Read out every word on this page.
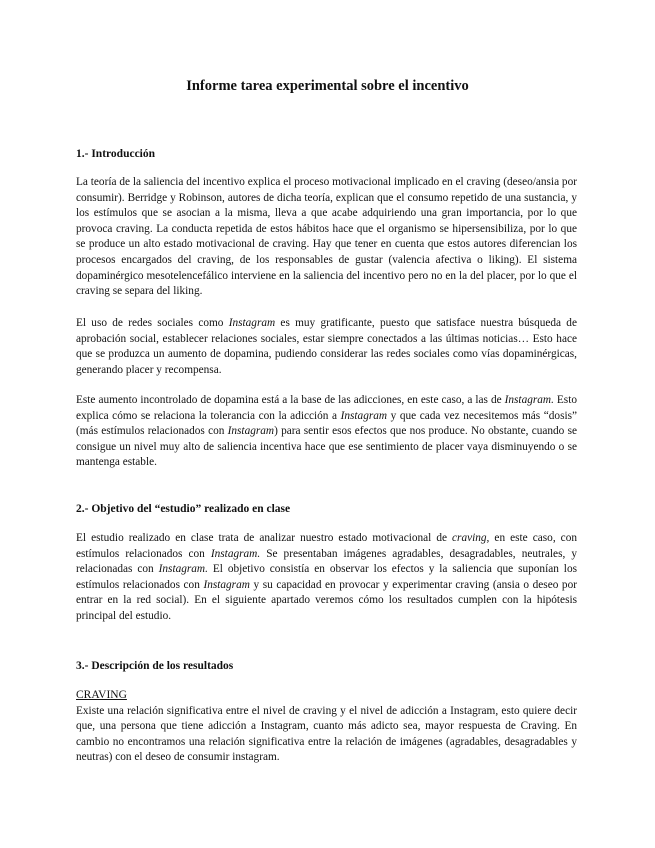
Informe tarea experimental sobre el incentivo
1.- Introducción

La teoría de la saliencia del incentivo explica el proceso motivacional implicado en el craving (deseo/ansia por consumir). Berridge y Robinson, autores de dicha teoría, explican que el consumo repetido de una sustancia, y los estímulos que se asocian a la misma, lleva a que acabe adquiriendo una gran importancia, por lo que provoca craving. La conducta repetida de estos hábitos hace que el organismo se hipersensibiliza, por lo que se produce un alto estado motivacional de craving. Hay que tener en cuenta que estos autores diferencian los procesos encargados del craving, de los responsables de gustar (valencia afectiva o liking). El sistema dopaminérgico mesotelencefálico interviene en la saliencia del incentivo pero no en la del placer, por lo que el craving se separa del liking.

El uso de redes sociales como Instagram es muy gratificante, puesto que satisface nuestra búsqueda de aprobación social, establecer relaciones sociales, estar siempre conectados a las últimas noticias… Esto hace que se produzca un aumento de dopamina, pudiendo considerar las redes sociales como vías dopaminérgicas, generando placer y recompensa.

Este aumento incontrolado de dopamina está a la base de las adicciones, en este caso, a las de Instagram. Esto explica cómo se relaciona la tolerancia con la adicción a Instagram y que cada vez necesitemos más “dosis” (más estímulos relacionados con Instagram) para sentir esos efectos que nos produce. No obstante, cuando se consigue un nivel muy alto de saliencia incentiva hace que ese sentimiento de placer vaya disminuyendo o se mantenga estable.

2.- Objetivo del “estudio” realizado en clase

El estudio realizado en clase trata de analizar nuestro estado motivacional de craving, en este caso, con estímulos relacionados con Instagram. Se presentaban imágenes agradables, desagradables, neutrales, y relacionadas con Instagram. El objetivo consistía en observar los efectos y la saliencia que suponían los estímulos relacionados con Instagram y su capacidad en provocar y experimentar craving (ansia o deseo por entrar en la red social). En el siguiente apartado veremos cómo los resultados cumplen con la hipótesis principal del estudio.

3.- Descripción de los resultados
CRAVING

Existe una relación significativa entre el nivel de craving y el nivel de adicción a Instagram, esto quiere decir que, una persona que tiene adicción a Instagram, cuanto más adicto sea, mayor respuesta de Craving. En cambio no encontramos una relación significativa entre la relación de imágenes (agradables, desagradables y neutras) con el deseo de consumir instagram.
